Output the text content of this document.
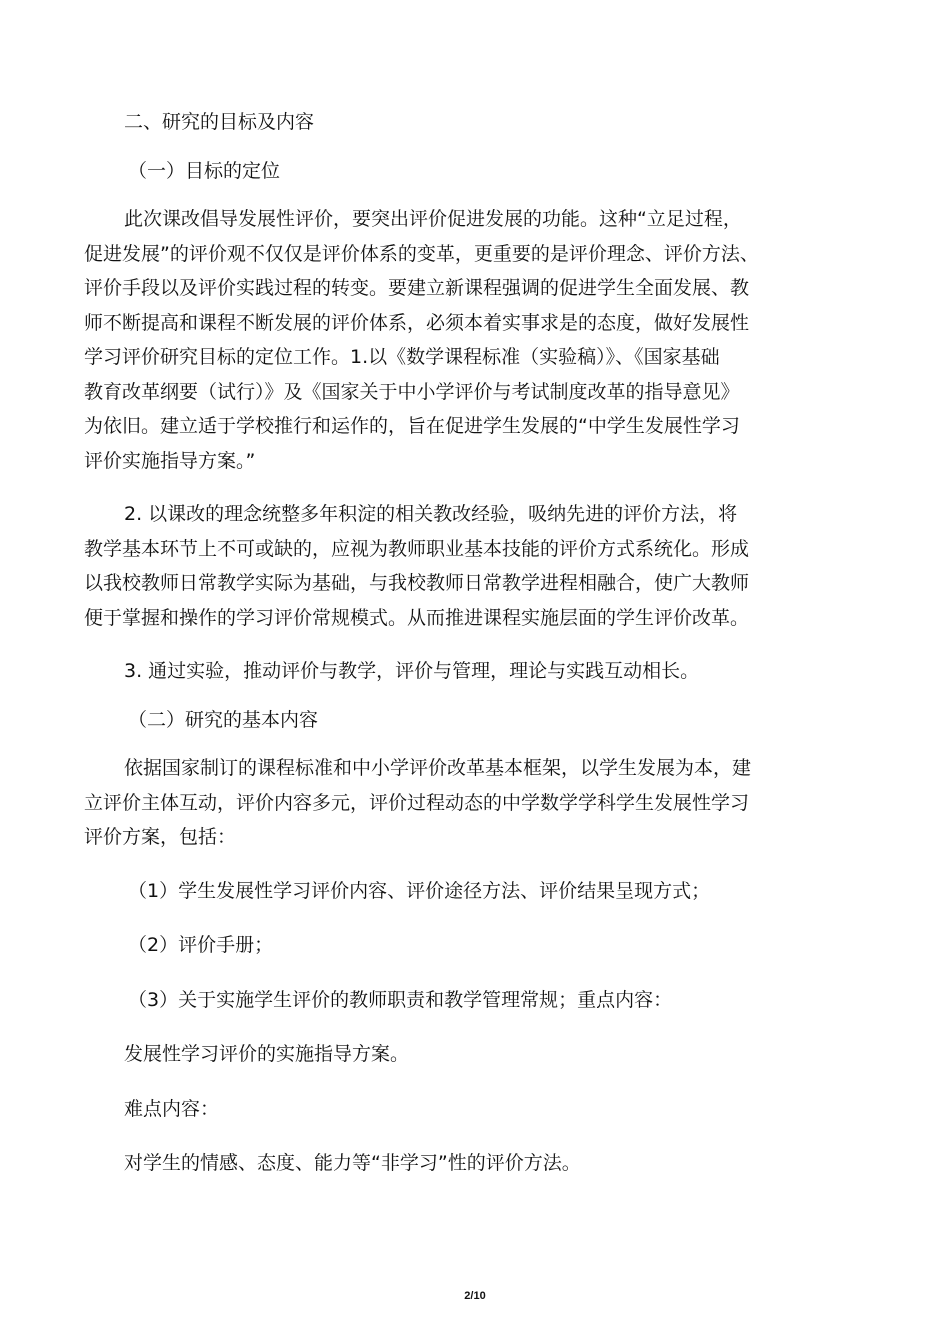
二、研究的目标及内容

（一）目标的定位

此次课改倡导发展性评价，要突出评价促进发展的功能。这种“立足过程，

促进发展”的评价观不仅仅是评价体系的变革，更重要的是评价理念、评价方法、

评价手段以及评价实践过程的转变。要建立新课程强调的促进学生全面发展、教

师不断提高和课程不断发展的评价体系，必须本着实事求是的态度，做好发展性

学习评价研究目标的定位工作。1.以《数学课程标准（实验稿）》、《国家基础

教育改革纲要（试行）》及《国家关于中小学评价与考试制度改革的指导意见》

为依旧。建立适于学校推行和运作的，旨在促进学生发展的“中学生发展性学习

评价实施指导方案。”

2. 以课改的理念统整多年积淀的相关教改经验，吸纳先进的评价方法，将

教学基本环节上不可或缺的，应视为教师职业基本技能的评价方式系统化。形成

以我校教师日常教学实际为基础，与我校教师日常教学进程相融合，使广大教师

便于掌握和操作的学习评价常规模式。从而推进课程实施层面的学生评价改革。

3. 通过实验，推动评价与教学，评价与管理，理论与实践互动相长。

（二）研究的基本内容

依据国家制订的课程标准和中小学评价改革基本框架，以学生发展为本，建

立评价主体互动，评价内容多元，评价过程动态的中学数学学科学生发展性学习

评价方案，包括：

（1）学生发展性学习评价内容、评价途径方法、评价结果呈现方式；

（2）评价手册；

（3）关于实施学生评价的教师职责和教学管理常规；重点内容：

发展性学习评价的实施指导方案。

难点内容：

对学生的情感、态度、能力等“非学习”性的评价方法。

2/10
